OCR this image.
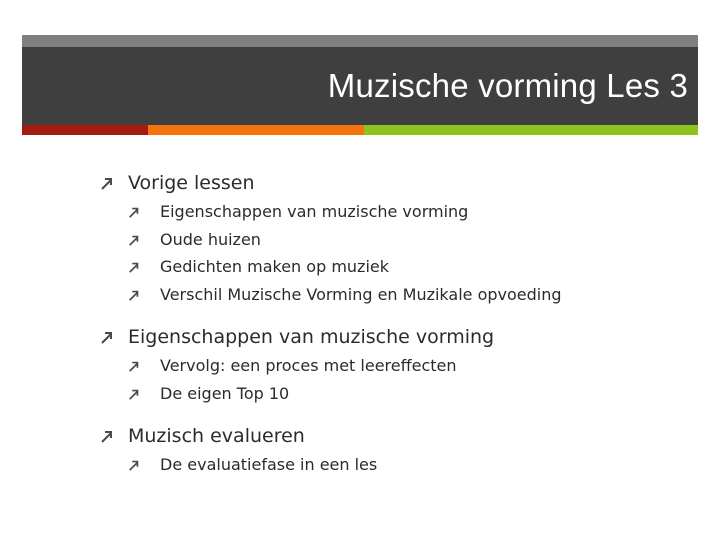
Muzische vorming Les 3
Vorige lessen
Eigenschappen van muzische vorming
Oude huizen
Gedichten maken op muziek
Verschil Muzische Vorming en Muzikale opvoeding
Eigenschappen van muzische vorming
Vervolg: een proces met leereffecten
De eigen Top 10
Muzisch evalueren
De evaluatiefase in een les
